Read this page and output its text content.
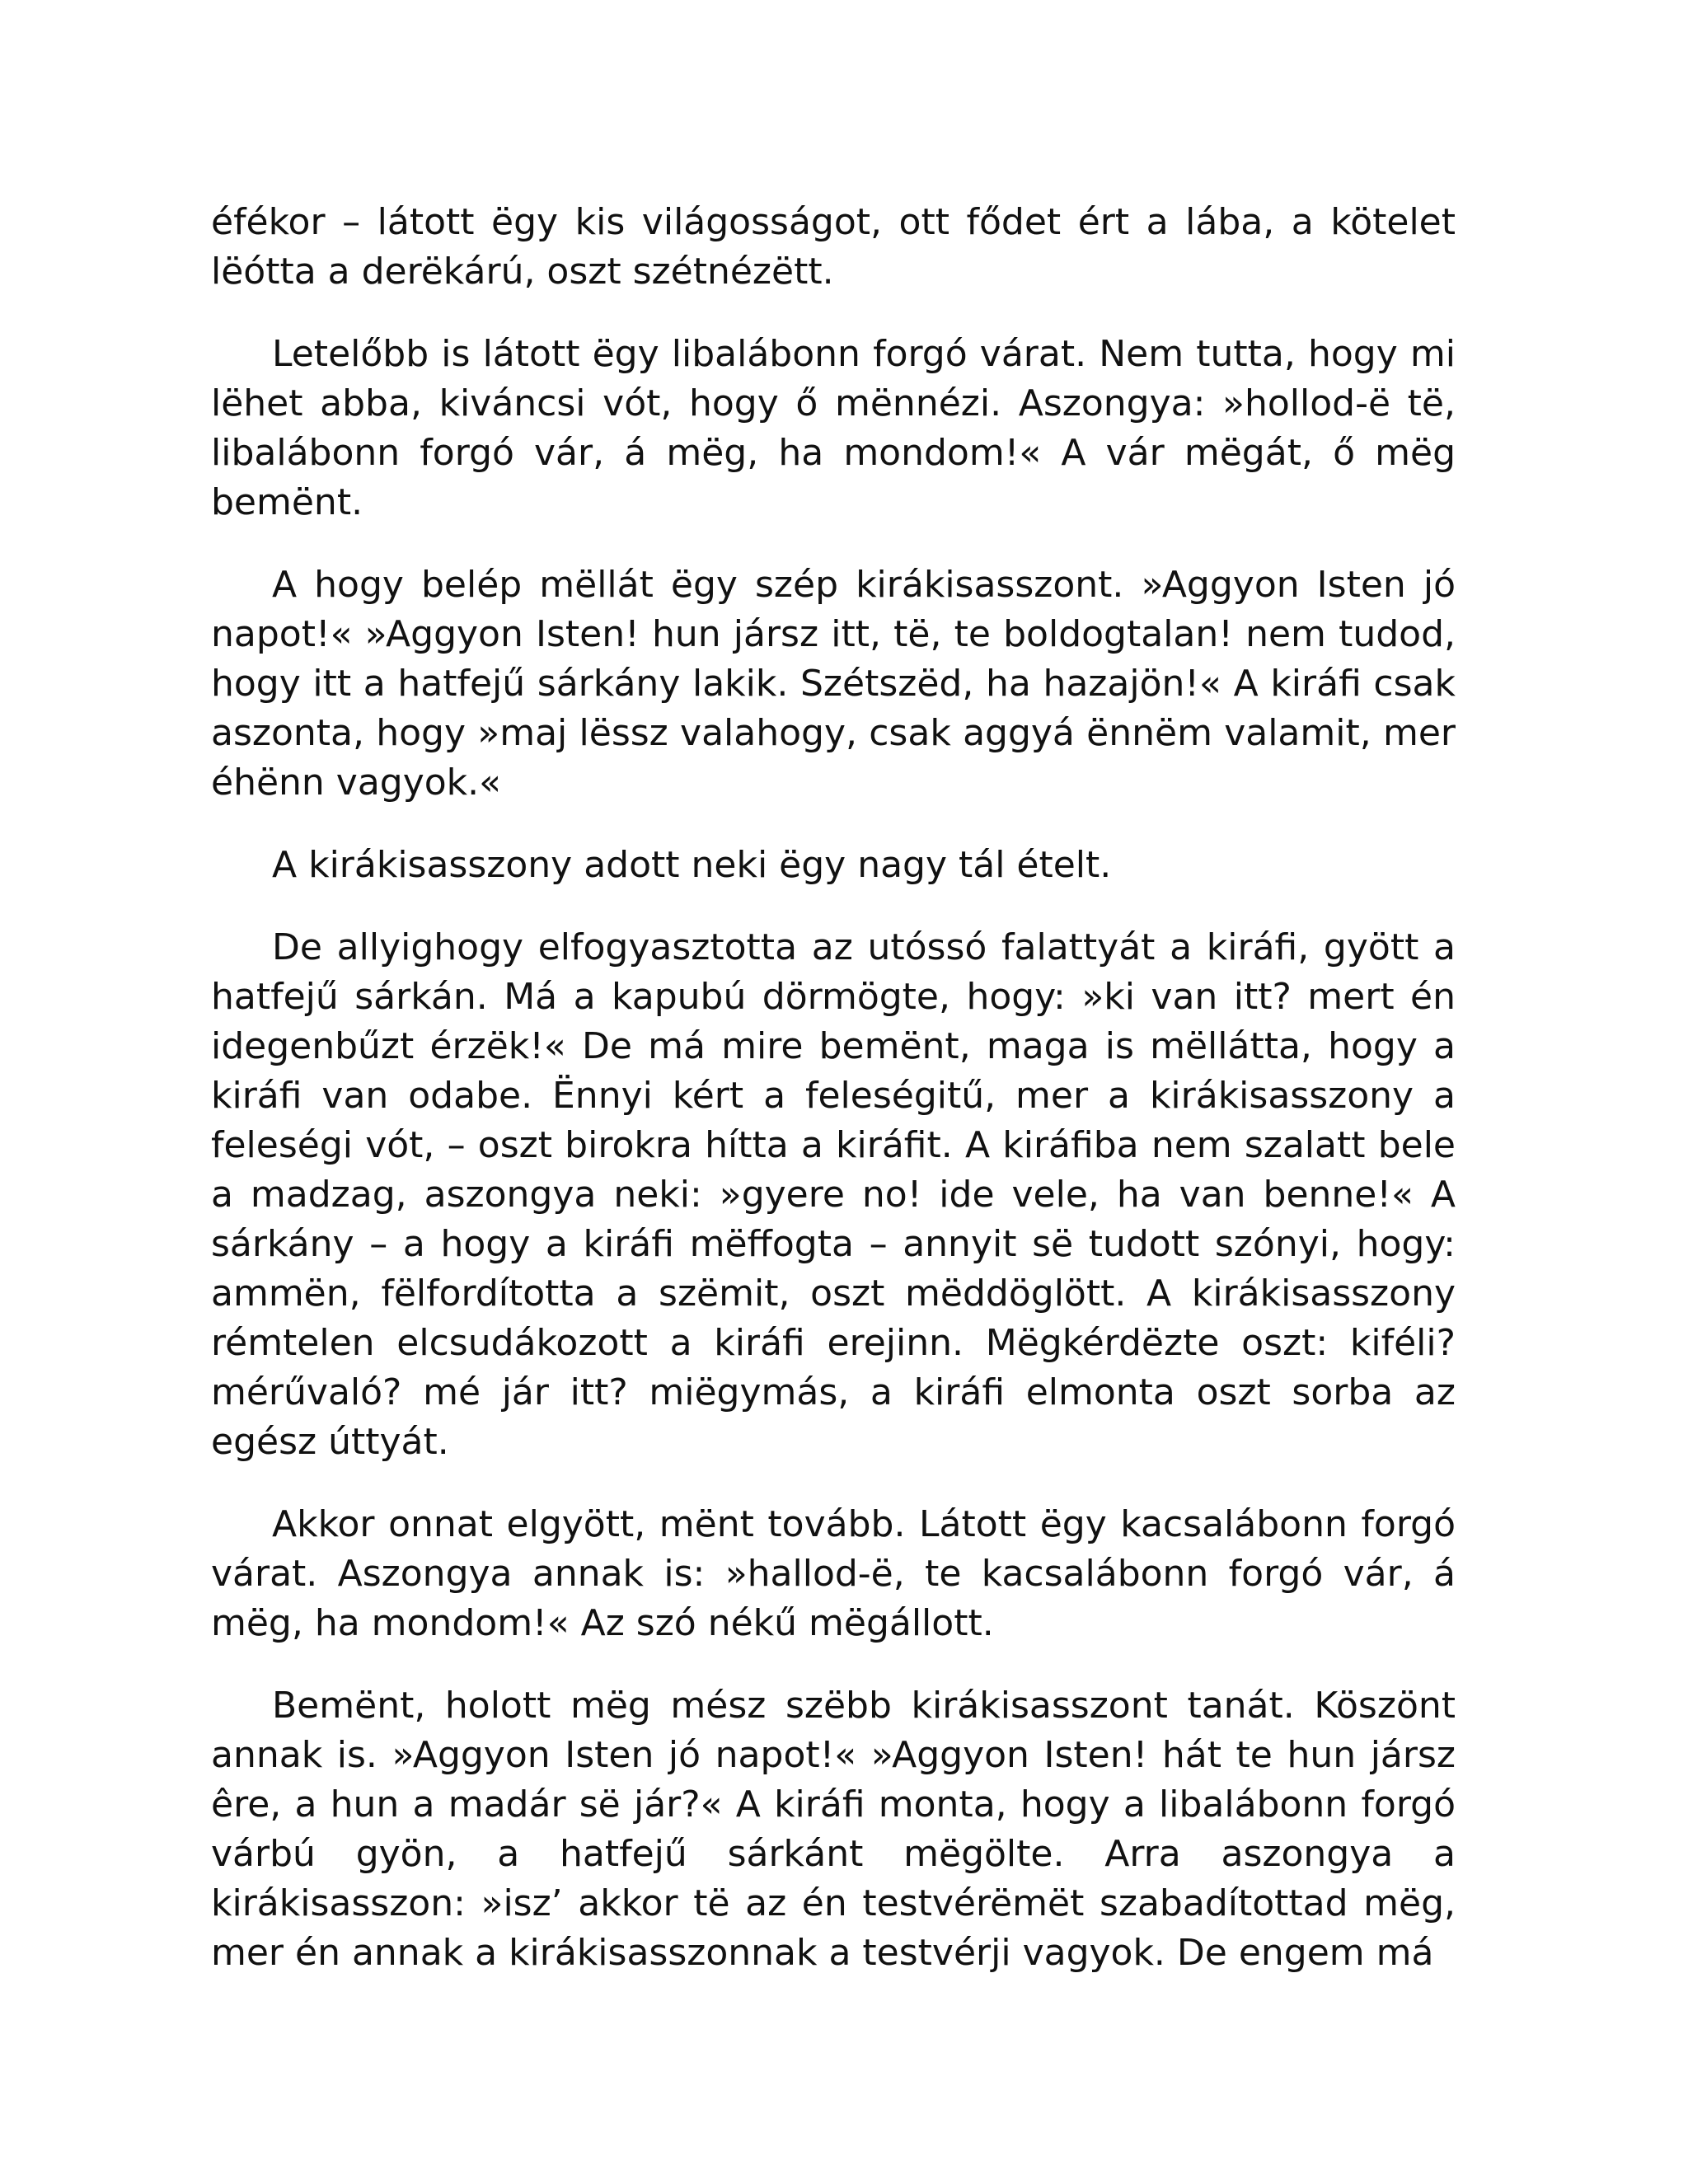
éfékor – látott ëgy kis világosságot, ott fődet ért a lába, a kötelet lëótta a derëkárú, oszt szétnézëtt.

Letelőbb is látott ëgy libalábonn forgó várat. Nem tutta, hogy mi lëhet abba, kiváncsi vót, hogy ő mënnézi. Aszongya: »hollod-ë të, libalábonn forgó vár, á mëg, ha mondom!« A vár mëgát, ő mëg bemënt.

A hogy belép mëllát ëgy szép kirákisasszont. »Aggyon Isten jó napot!« »Aggyon Isten! hun jársz itt, të, te boldogtalan! nem tudod, hogy itt a hatfejű sárkány lakik. Szétszëd, ha hazajön!« A kiráfi csak aszonta, hogy »maj lëssz valahogy, csak aggyá ënnëm valamit, mer éhënn vagyok.«

A kirákisasszony adott neki ëgy nagy tál ételt.

De allyighogy elfogyasztotta az utóssó falattyát a kiráfi, gyött a hatfejű sárkán. Má a kapubú dörmögte, hogy: »ki van itt? mert én idegenbűzt érzëk!« De má mire bemënt, maga is mëllátta, hogy a kiráfi van odabe. Ënnyi kért a feleségitű, mer a kirákisasszony a feleségi vót, – oszt birokra hítta a kiráfit. A kiráfiba nem szalatt bele a madzag, aszongya neki: »gyere no! ide vele, ha van benne!« A sárkány – a hogy a kiráfi mëffogta – annyit së tudott szónyi, hogy: ammën, fëlfordította a szëmit, oszt mëddöglött. A kirákisasszony rémtelen elcsudákozott a kiráfi erejinn. Mëgkérdëzte oszt: kiféli? mérűvaló? mé jár itt? miëgymás, a kiráfi elmonta oszt sorba az egész úttyát.

Akkor onnat elgyött, mënt tovább. Látott ëgy kacsalábonn forgó várat. Aszongya annak is: »hallod-ë, te kacsalábonn forgó vár, á mëg, ha mondom!« Az szó nékű mëgállott.

Bemënt, holott mëg mész szëbb kirákisasszont tanát. Köszönt annak is. »Aggyon Isten jó napot!« »Aggyon Isten! hát te hun jársz êre, a hun a madár së jár?« A kiráfi monta, hogy a libalábonn forgó várbú gyön, a hatfejű sárkánt mëgölte. Arra aszongya a kirákisasszon: »isz’ akkor të az én testvérëmët szabadítottad mëg, mer én annak a kirákisasszonnak a testvérji vagyok. De engem má
